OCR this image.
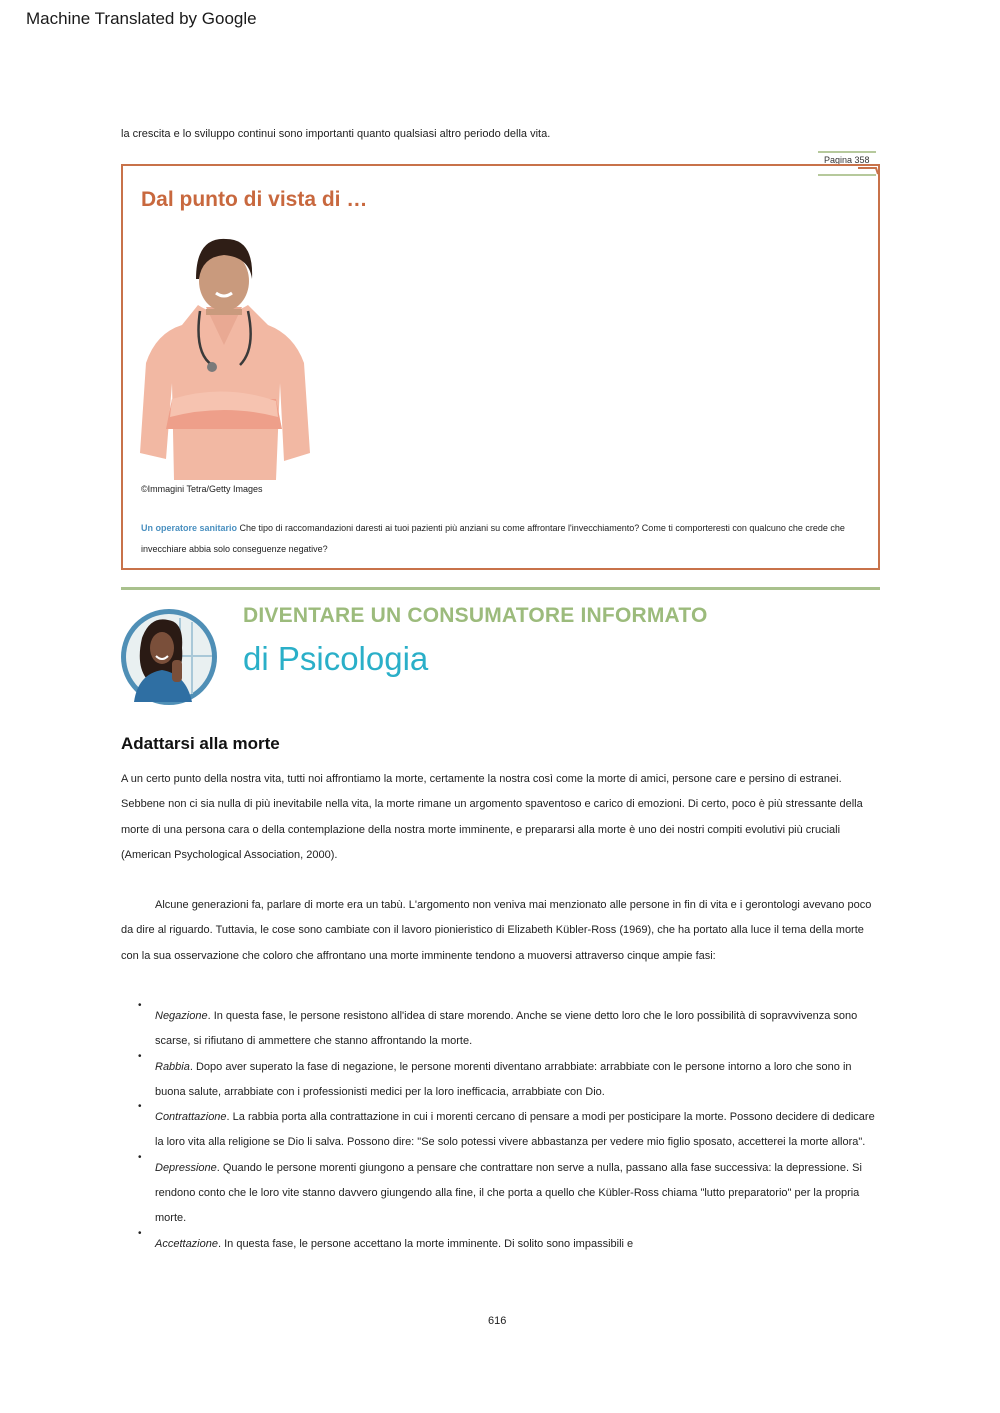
Machine Translated by Google
la crescita e lo sviluppo continui sono importanti quanto qualsiasi altro periodo della vita.
Pagina 358
Dal punto di vista di …
©Immagini Tetra/Getty Images
Un operatore sanitario Che tipo di raccomandazioni daresti ai tuoi pazienti più anziani su come affrontare l'invecchiamento? Come ti comporteresti con qualcuno che crede che invecchiare abbia solo conseguenze negative?
DIVENTARE UN CONSUMATORE INFORMATO
di Psicologia
Adattarsi alla morte
A un certo punto della nostra vita, tutti noi affrontiamo la morte, certamente la nostra così come la morte di amici, persone care e persino di estranei. Sebbene non ci sia nulla di più inevitabile nella vita, la morte rimane un argomento spaventoso e carico di emozioni. Di certo, poco è più stressante della morte di una persona cara o della contemplazione della nostra morte imminente, e prepararsi alla morte è uno dei nostri compiti evolutivi più cruciali (American Psychological Association, 2000).
Alcune generazioni fa, parlare di morte era un tabù. L'argomento non veniva mai menzionato alle persone in fin di vita e i gerontologi avevano poco da dire al riguardo. Tuttavia, le cose sono cambiate con il lavoro pionieristico di Elizabeth Kübler-Ross (1969), che ha portato alla luce il tema della morte con la sua osservazione che coloro che affrontano una morte imminente tendono a muoversi attraverso cinque ampie fasi:
•
Negazione. In questa fase, le persone resistono all'idea di stare morendo. Anche se viene detto loro che le loro possibilità di sopravvivenza sono scarse, si rifiutano di ammettere che stanno affrontando la morte.
•
Rabbia. Dopo aver superato la fase di negazione, le persone morenti diventano arrabbiate: arrabbiate con le persone intorno a loro che sono in buona salute, arrabbiate con i professionisti medici per la loro inefficacia, arrabbiate con Dio.
•
Contrattazione. La rabbia porta alla contrattazione in cui i morenti cercano di pensare a modi per posticipare la morte. Possono decidere di dedicare la loro vita alla religione se Dio li salva. Possono dire: "Se solo potessi vivere abbastanza per vedere mio figlio sposato, accetterei la morte allora".
•
Depressione. Quando le persone morenti giungono a pensare che contrattare non serve a nulla, passano alla fase successiva: la depressione. Si rendono conto che le loro vite stanno davvero giungendo alla fine, il che porta a quello che Kübler-Ross chiama "lutto preparatorio" per la propria morte.
•
Accettazione. In questa fase, le persone accettano la morte imminente. Di solito sono impassibili e
616
